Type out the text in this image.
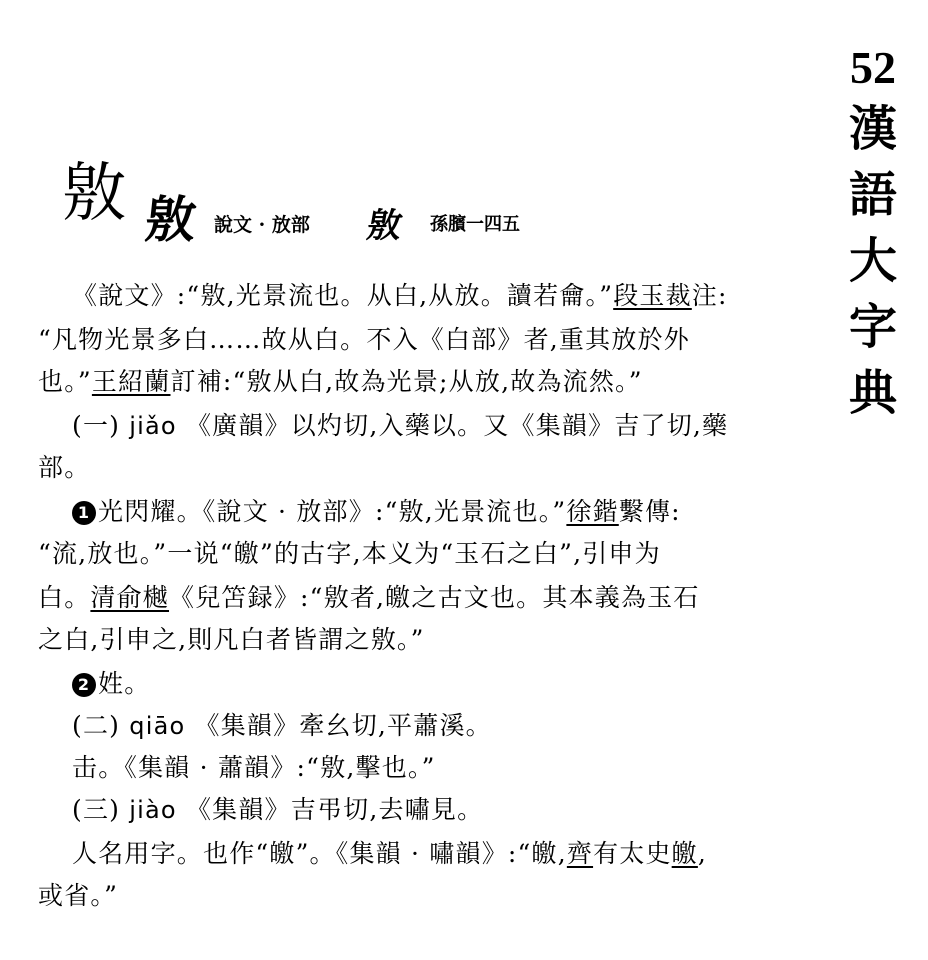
52
漢
語
大
字
典
敫 敫 說文 · 放部 敫 孫臏一四五
《說文》:“敫,光景流也。从白,从放。讀若龠。”段玉裁注:
“凡物光景多白……故从白。不入《白部》者,重其放於外
也。”王紹蘭訂補:“敫从白,故為光景;从放,故為流然。”
(一) jiǎo 《廣韻》以灼切,入藥以。又《集韻》吉了切,藥
部。
1 光閃耀。《說文 · 放部》:“敫,光景流也。”徐鍇繫傳:
“流,放也。”一说“皦”的古字,本义为“玉石之白”,引申为
白。清俞樾《兒笘録》:“敫者,皦之古文也。其本義為玉石
之白,引申之,則凡白者皆謂之敫。”
2 姓。
(二) qiāo 《集韻》牽幺切,平蕭溪。
击。《集韻 · 蕭韻》:“敫,擊也。”
(三) jiào 《集韻》吉弔切,去嘯見。
人名用字。也作“皦”。《集韻 · 嘯韻》:“皦,齊有太史皦,
或省。”
